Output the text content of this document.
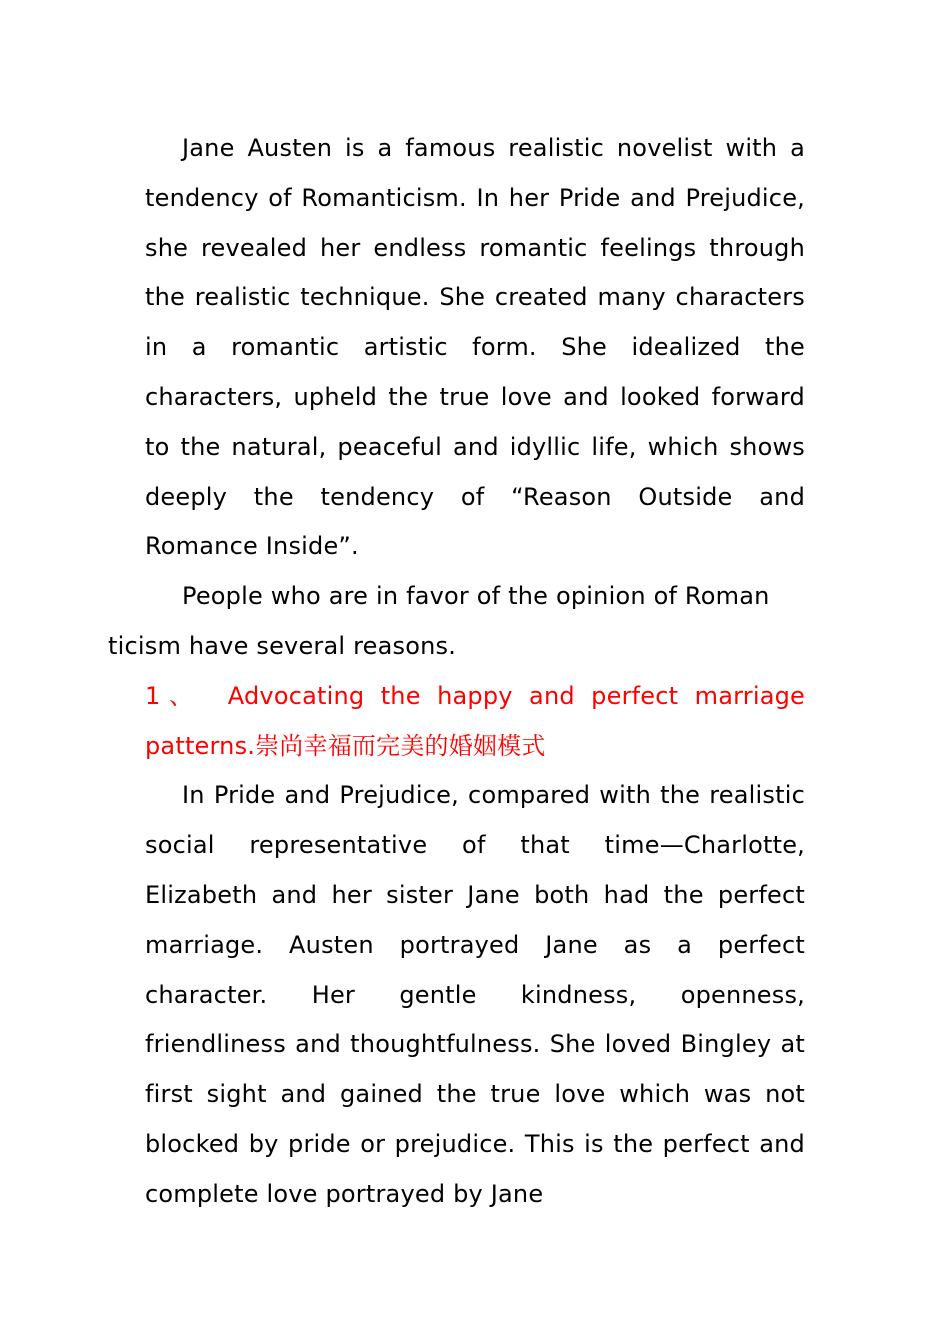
Jane Austen is a famous realistic novelist with a tendency of Romanticism. In her Pride and Prejudice, she revealed her endless romantic feelings through the realistic technique. She created many characters in a romantic artistic form. She idealized the characters, upheld the true love and looked forward to the natural, peaceful and idyllic life, which shows deeply the tendency of “Reason Outside and Romance Inside”.

People who are in favor of the opinion of Roman
ticism have several reasons.

1、 Advocating the happy and perfect marriage patterns.崇尚幸福而完美的婚姻模式

In Pride and Prejudice, compared with the realistic social representative of that time—Charlotte, Elizabeth and her sister Jane both had the perfect marriage. Austen portrayed Jane as a perfect character. Her gentle kindness, openness, friendliness and thoughtfulness. She loved Bingley at first sight and gained the true love which was not blocked by pride or prejudice. This is the perfect and complete love portrayed by Jane
